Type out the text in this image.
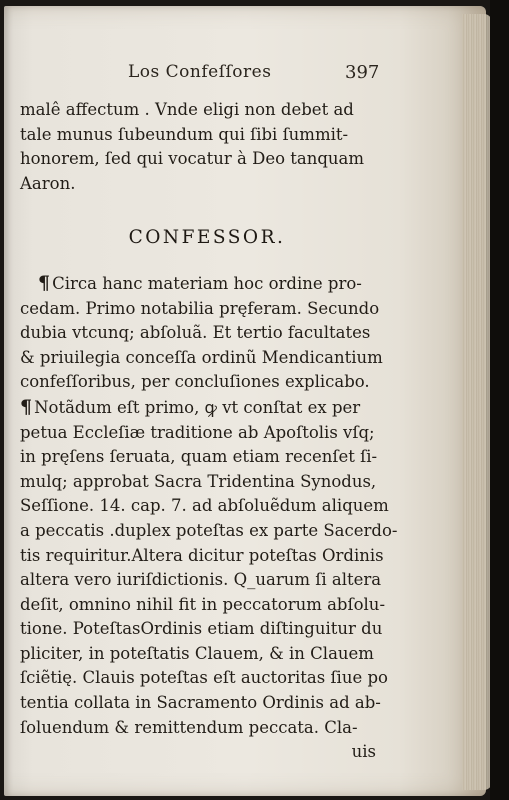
Los Confeſſores	397
malê affectum . Vnde eligi non debet ad
tale munus ſubeundum qui ſibi ſummit-
honorem, ſed qui vocatur à Deo tanquam
Aaron.
CONFESSOR.
¶ Circa hanc materiam hoc ordine pro-
cedam. Primo notabilia pręferam. Secundo
dubia vtcunq; abſoluã. Et tertio facultates
& priuilegia conceſſa ordinũ Mendicantium
confeſſoribus, per concluſiones explicabo.
¶ Notãdum eſt primo, ꝙ vt conſtat ex per
petua Eccleſiæ traditione ab Apoſtolis vſq;
in pręſens ſeruata, quam etiam recenſet ſi-
mulq; approbat Sacra Tridentina Synodus,
Seſſione. 14. cap. 7. ad abſoluẽdum aliquem
a peccatis .duplex poteſtas ex parte Sacerdo-
tis requiritur.Altera dicitur poteſtas Ordinis
altera vero iuriſdictionis. Q_uarum ſi altera
deſit, omnino nihil fit in peccatorum abſolu-
tione. PoteſtasOrdinis etiam diſtinguitur du
pliciter, in poteſtatis Clauem, & in Clauem
ſciẽtię. Clauis poteſtas eſt auctoritas ſiue po
tentia collata in Sacramento Ordinis ad ab-
ſoluendum & remittendum peccata. Cla-
uis
